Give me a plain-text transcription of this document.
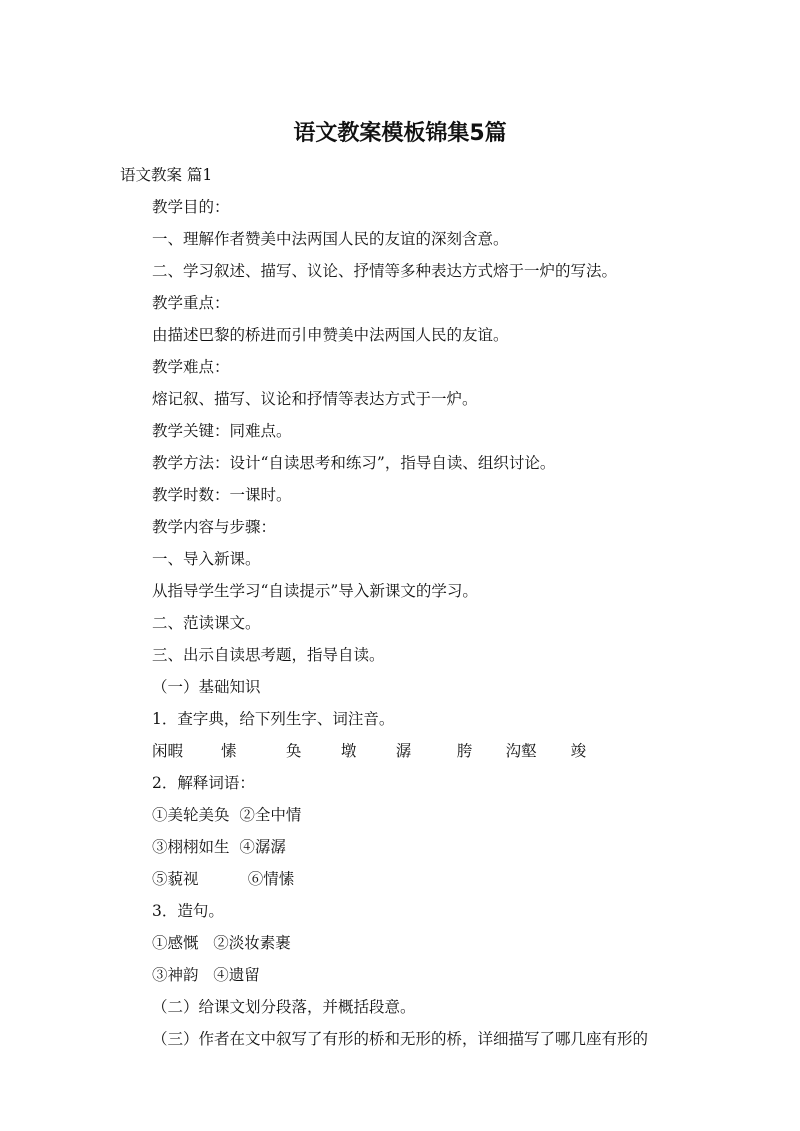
语文教案模板锦集5篇
语文教案 篇1
教学目的：
一、理解作者赞美中法两国人民的友谊的深刻含意。
二、学习叙述、描写、议论、抒情等多种表达方式熔于一炉的写法。
教学重点：
由描述巴黎的桥进而引申赞美中法两国人民的友谊。
教学难点：
熔记叙、描写、议论和抒情等表达方式于一炉。
教学关键：同难点。
教学方法：设计“自读思考和练习”，指导自读、组织讨论。
教学时数：一课时。
教学内容与步骤：
一、导入新课。
从指导学生学习“自读提示”导入新课文的学习。
二、范读课文。
三、出示自读思考题，指导自读。
（一）基础知识
1．查字典，给下列生字、词注音。
闲暇 愫	奂	墩	潺	胯 沟壑 竣
2．解释词语：
①美轮美奂  ②全中情
③栩栩如生  ④潺潺
⑤藐视          ⑥情愫
3．造句。
①感慨   ②淡妆素裹
③神韵   ④遗留
（二）给课文划分段落，并概括段意。
（三）作者在文中叙写了有形的桥和无形的桥，详细描写了哪几座有形的
